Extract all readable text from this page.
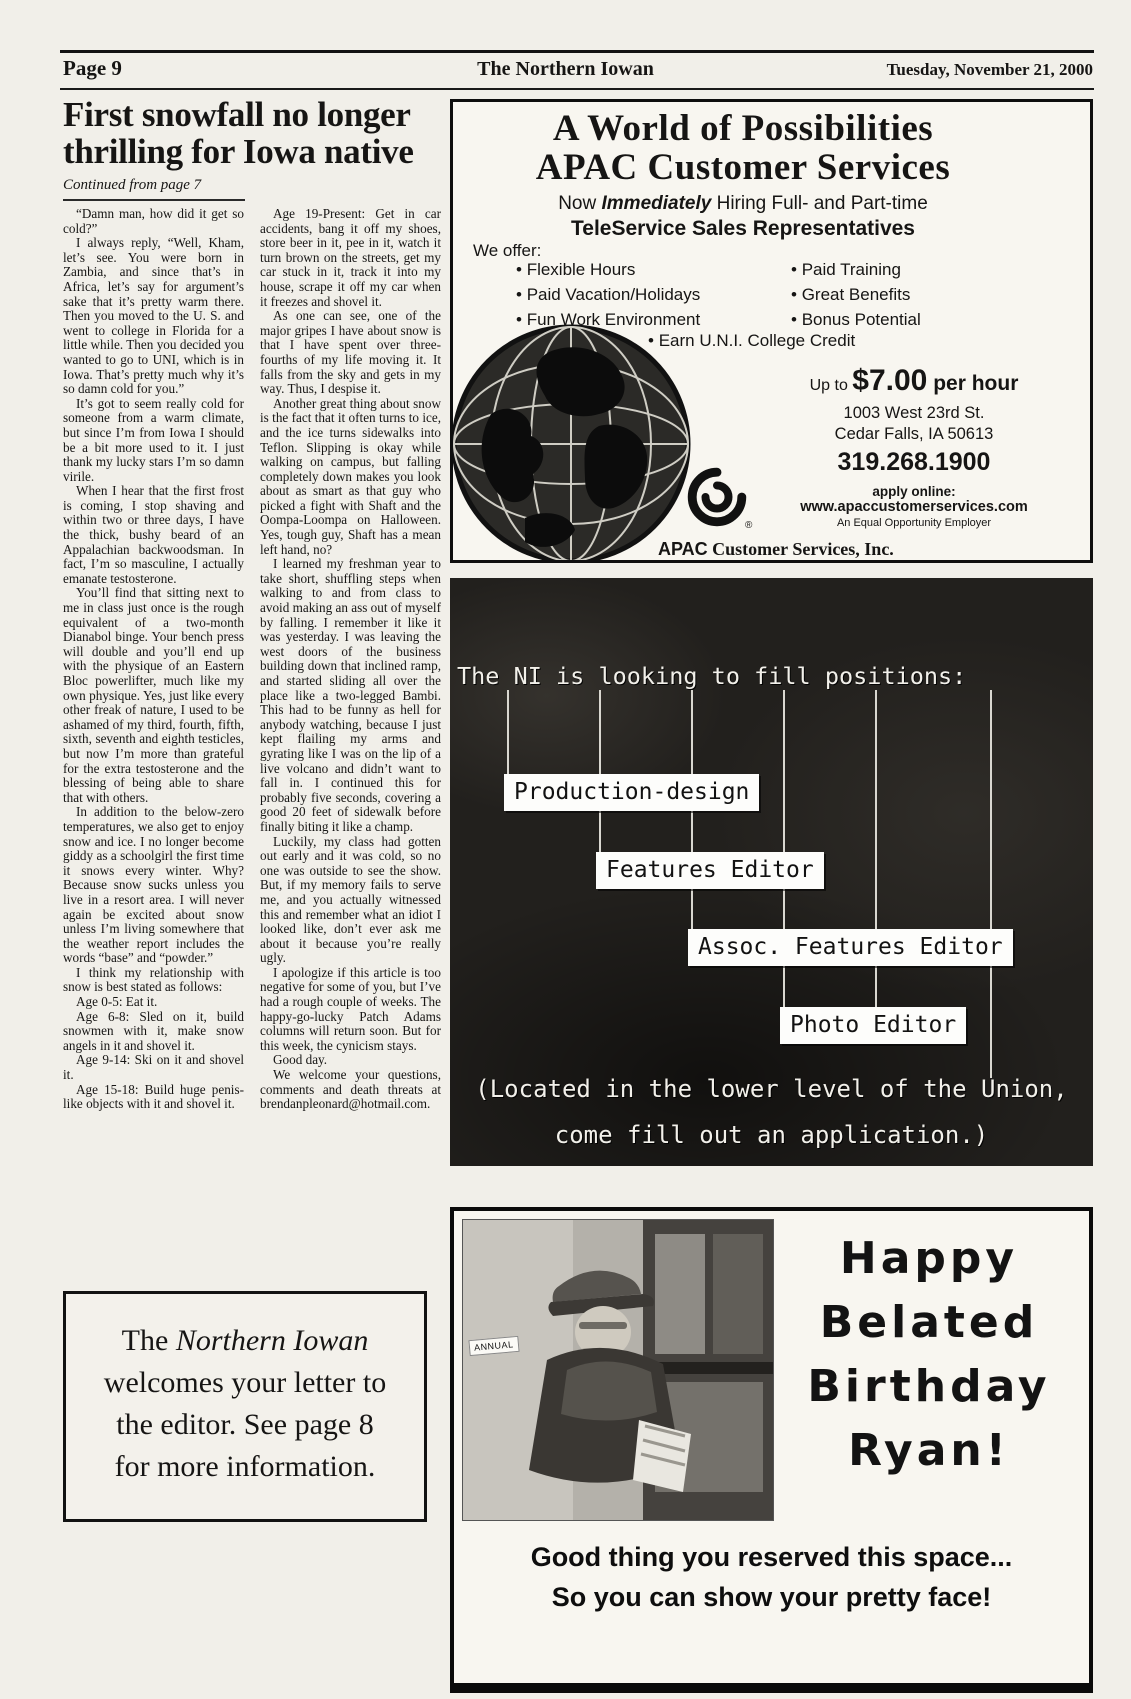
Page 9	The Northern Iowan	Tuesday, November 21, 2000
First snowfall no longer
thrilling for Iowa native
Continued from page 7

“Damn man, how did it get so cold?”

I always reply, “Well, Kham, let’s see. You were born in Zambia, and since that’s in Africa, let’s say for argument’s sake that it’s pretty warm there. Then you moved to the U. S. and went to college in Florida for a little while. Then you decided you wanted to go to UNI, which is in Iowa. That’s pretty much why it’s so damn cold for you.”

It’s got to seem really cold for someone from a warm climate, but since I’m from Iowa I should be a bit more used to it. I just thank my lucky stars I’m so damn virile.

When I hear that the first frost is coming, I stop shaving and within two or three days, I have the thick, bushy beard of an Appalachian backwoodsman. In fact, I’m so masculine, I actually emanate testosterone.

You’ll find that sitting next to me in class just once is the rough equivalent of a two-month Dianabol binge. Your bench press will double and you’ll end up with the physique of an Eastern Bloc powerlifter, much like my own physique. Yes, just like every other freak of nature, I used to be ashamed of my third, fourth, fifth, sixth, seventh and eighth testicles, but now I’m more than grateful for the extra testosterone and the blessing of being able to share that with others.

In addition to the below-zero temperatures, we also get to enjoy snow and ice. I no longer become giddy as a schoolgirl the first time it snows every winter. Why? Because snow sucks unless you live in a resort area. I will never again be excited about snow unless I’m living somewhere that the weather report includes the words “base” and “powder.”

I think my relationship with snow is best stated as follows:

Age 0-5: Eat it.

Age 6-8: Sled on it, build snowmen with it, make snow angels in it and shovel it.

Age 9-14: Ski on it and shovel it.

Age 15-18: Build huge penis-like objects with it and shovel it.

Age 19-Present: Get in car accidents, bang it off my shoes, store beer in it, pee in it, watch it turn brown on the streets, get my car stuck in it, track it into my house, scrape it off my car when it freezes and shovel it.

As one can see, one of the major gripes I have about snow is that I have spent over three-fourths of my life moving it. It falls from the sky and gets in my way. Thus, I despise it.

Another great thing about snow is the fact that it often turns to ice, and the ice turns sidewalks into Teflon. Slipping is okay while walking on campus, but falling completely down makes you look about as smart as that guy who picked a fight with Shaft and the Oompa-Loompa on Halloween. Yes, tough guy, Shaft has a mean left hand, no?

I learned my freshman year to take short, shuffling steps when walking to and from class to avoid making an ass out of myself by falling. I remember it like it was yesterday. I was leaving the west doors of the business building down that inclined ramp, and started sliding all over the place like a two-legged Bambi. This had to be funny as hell for anybody watching, because I just kept flailing my arms and gyrating like I was on the lip of a live volcano and didn’t want to fall in. I continued this for probably five seconds, covering a good 20 feet of sidewalk before finally biting it like a champ.

Luckily, my class had gotten out early and it was cold, so no one was outside to see the show. But, if my memory fails to serve me, and you actually witnessed this and remember what an idiot I looked like, don’t ever ask me about it because you’re really ugly.

I apologize if this article is too negative for some of you, but I’ve had a rough couple of weeks. The happy-go-lucky Patch Adams columns will return soon. But for this week, the cynicism stays.

Good day.

We welcome your questions, comments and death threats at brendanpleonard@hotmail.com.

A World of Possibilities
APAC Customer Services
Now Immediately Hiring Full- and Part-time
TeleService Sales Representatives
We offer:
• Flexible Hours
• Paid Vacation/Holidays
• Fun Work Environment
• Paid Training
• Great Benefits
• Bonus Potential
• Earn U.N.I. College Credit
Up to $7.00 per hour
1003 West 23rd St.
Cedar Falls, IA 50613
319.268.1900
apply online:
www.apaccustomerservices.com
An Equal Opportunity Employer
®
APAC Customer Services, Inc.
The NI is looking to fill positions:
Production-design
Features Editor
Assoc. Features Editor
Photo Editor
(Located in the lower level of the Union,
come fill out an application.)
ANNUAL
Happy
Belated
Birthday
Ryan!
Good thing you reserved this space...
So you can show your pretty face!
The Northern Iowan
welcomes your letter to
the editor. See page 8
for more information.
